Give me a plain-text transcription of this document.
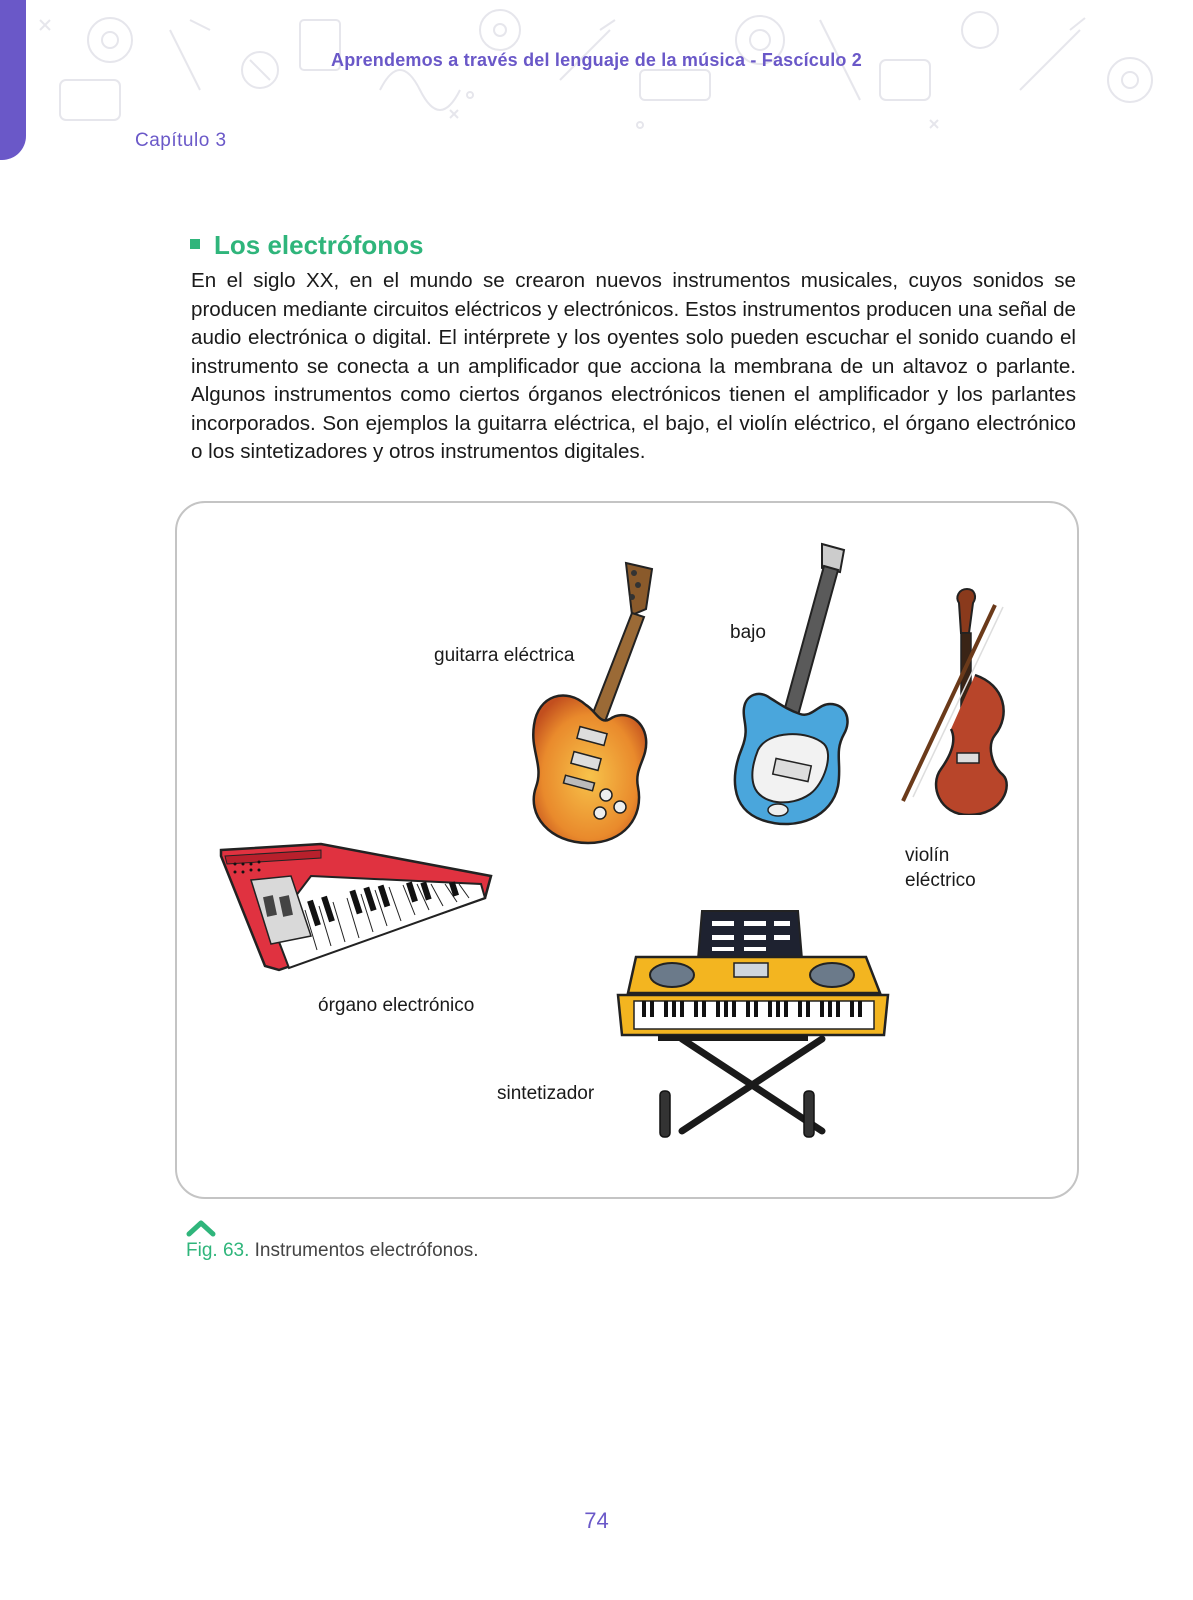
Aprendemos a través del lenguaje de la música - Fascículo 2
Capítulo 3
Los electrófonos
En el siglo XX, en el mundo se crearon nuevos instrumentos musicales, cuyos sonidos se producen mediante circuitos eléctricos y electrónicos. Estos instrumentos producen una señal de audio electrónica o digital. El intérprete y los oyentes solo pueden escuchar el sonido cuando el instrumento se conecta a un amplificador que acciona la membrana de un altavoz o parlante. Algunos instrumentos como ciertos órganos electrónicos tienen el amplificador y los parlantes incorporados. Son ejemplos la guitarra eléctrica, el bajo, el violín eléctrico, el órgano electrónico o los sintetizadores y otros instrumentos digitales.
guitarra eléctrica
bajo
violín
eléctrico
órgano electrónico
sintetizador
Fig. 63. Instrumentos electrófonos.
74
